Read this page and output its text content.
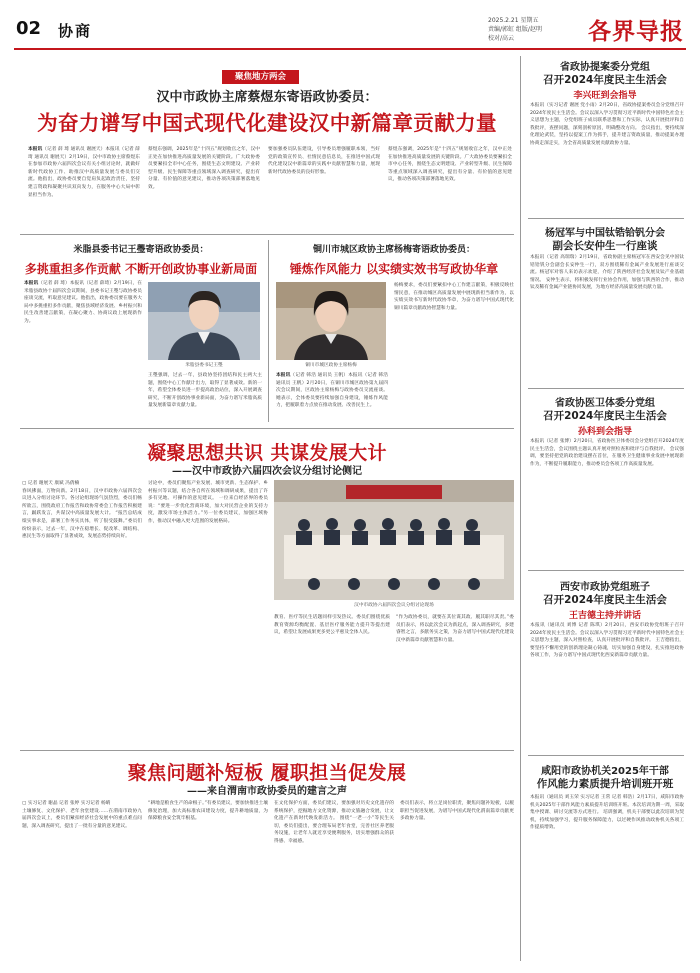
02 协商
2025.2.21 星期五
责编/郭虹 组版/赵明
校对/高云	各界导报
聚焦地方两会
汉中市政协主席蔡煜东寄语政协委员：
为奋力谱写中国式现代化建设汉中新篇章贡献力量
本报讯（记者 薛 琦 通讯员 谢展天）本报讯（记者 薛琦 通讯员 谢展天）2月19日，汉中市政协主席蔡煜东在参加市政协六届四次会议有关小组讨论时，就做好新时代政协工作、助推汉中高质量发展与委员们交流。他指出，政协委员要自觉肩负起政治责任，坚持建言资政和凝聚共识双向发力，在服务中心大局中彰显担当作为。
蔡煜东强调，2025年是“十四五”规划收官之年，汉中正处在加快推进高质量发展的关键阶段。广大政协委员要紧扣全市中心任务，围绕生态文明建设、产业转型升级、民生保障等重点领域深入调查研究，提出有分量、有价值的意见建议，推动各项决策部署落地见效。
要加强委员队伍建设，引导委员增强履职本领，当好党的政策宣传员、社情民意信息员，在推进中国式现代化建设汉中新篇章的实践中贡献智慧和力量，展现新时代政协委员的良好形象。
蔡煜东强调，2025年是“十四五”规划收官之年，汉中正处在加快推进高质量发展的关键阶段。广大政协委员要紧扣全市中心任务，围绕生态文明建设、产业转型升级、民生保障等重点领域深入调查研究，提出有分量、有价值的意见建议，推动各项决策部署落地见效。
米脂县委书记王璺寄语政协委员：
多挑重担多作贡献 不断开创政协事业新局面
本报讯（记者 薛 琦）本报讯（记者 薛琦）2月19日，在米脂县政协十届四次会议期间，县委书记王璺与政协委员座谈交流，听取意见建议。他指出，政协委员要在服务大局中多挑重担多作贡献，聚焦县域经济发展、乡村振兴和民生改善建言献策，在凝心聚力、协商议政上展现新作为。
米脂县委书记王璺
王璺强调，过去一年，县政协坚持团结和民主两大主题，围绕中心工作献计出力，取得了显著成效。新的一年，希望全体委员进一步提高政治站位，深入开展调查研究，不断开创政协事业新局面，为奋力谱写米脂高质量发展新篇章贡献力量。
铜川市城区政协主席杨梅寄语政协委员：
锤炼作风能力 以实绩实效书写政协华章
铜川市城区政协主席杨梅
本报讯（记者 韩浩 通讯员 王帆）本报讯（记者 韩浩 通讯员 王帆）2月20日，在铜川市城区政协第九届四次会议期间，区政协主席杨梅与政协委员交流座谈。她表示，全体委员要持续加强自身建设，锤炼作风能力，把履职着力点放在推动发展、改善民生上。
杨梅要求，委员们要紧扣中心工作建言献策，积极反映社情民意，在推动城区高质量发展中展现新担当新作为，以实绩实效书写新时代政协华章，为奋力谱写中国式现代化铜川篇章贡献政协智慧和力量。
凝聚思想共识 共谋发展大计
——汉中市政协六届四次会议分组讨论侧记
▢ 记者 谢展天 康斌 冯倩楠
春风拂面，万物向新。2月18日，汉中市政协六届四次会议进入分组讨论环节。各讨论组现场气氛热烈，委员们畅所欲言，围绕政府工作报告和政协常委会工作报告积极建言，踊跃发言，共谋汉中高质量发展大计。 “报告总结成绩实事求是，部署工作务实具体，听了很受鼓舞。”委员们纷纷表示，过去一年，汉中在稳增长、促改革、调结构、惠民生等方面取得了显著成效，发展态势持续向好。
讨论中，委员们聚焦产业发展、城市更新、生态保护、乡村振兴等议题，结合各自所在领域和调研成果，提出了许多有见地、可操作的意见建议。 一位来自经济界的委员说：“要进一步优化营商环境，加大对民营企业的支持力度，激发市场主体活力。”另一位委员建议，加强区域协作，推动汉中融入更大范围的发展格局。
汉中市政协六届四次会议分组讨论现场
教育、医疗等民生话题同样引发热议。委员们围绕优质教育资源均衡配置、基层医疗服务能力提升等提出建议，希望让发展成果更多更公平惠及全体人民。
“作为政协委员，就要在其位谋其政、履其职尽其责。”委员们表示，将以此次会议为新起点，深入调查研究，多建睿智之言，多献务实之策，为奋力谱写中国式现代化建设汉中新篇章贡献智慧和力量。
聚焦问题补短板 履职担当促发展
——来自渭南市政协委员的建言之声
▢ 实习记者 谢晶 记者 张婷 实习记者 杨晴
土壤修复、文化保护、老年食堂建设……在渭南市政协九届四次会议上，委员们紧扣经济社会发展中的重点难点问题，深入调查研究，提出了一批有分量的意见建议。
“耕地是粮食生产的命根子。”有委员建议，要加快推进土壤修复治理，加大高标准农田建设力度，提升耕地质量，为保障粮食安全筑牢根基。
在文化保护方面，委员们建议，要加强对历史文化遗存的系统保护，挖掘地方文化资源，推动文旅融合发展，让文化遗产在新时代焕发新活力。 围绕“一老一小”等民生关切，委员们提出，要合理布局老年食堂，完善社区养老服务设施，让老年人就近享受便利服务，切实增强群众的获得感、幸福感。
委员们表示，将立足岗位职责，聚焦问题补短板，以履职担当促进发展，为谱写中国式现代化渭南篇章贡献更多政协力量。
省政协提案委分党组
召开2024年度民主生活会
李兴旺到会指导
本报讯（实习记者 谢展 党小雨）2月20日，省政协提案委员会分党组召开2024年度民主生活会。会议以深入学习贯彻习近平新时代中国特色社会主义思想为主题，分党组班子成员联系思想和工作实际，认真开展批评和自我批评，查摆问题，深刻剖析原因，明确整改方向。 会议指出，要持续深化理论武装，坚持以提案工作为抓手，提升建言资政质量，推动提案办理协商走深走实，为全省高质量发展贡献政协力量。
杨冠军与中国钛锆铪钒分会
副会长安仲生一行座谈
本报讯（记者 高瑞瑞）2月19日，省政协副主席杨冠军在西安会见中国钛锆铪钒分会副会长安仲生一行，双方围绕稀有金属产业发展进行座谈交流。杨冠军对客人来访表示欢迎，介绍了陕西经济社会发展及钛产业基础情况。 安仲生表示，将积极发挥行业协会作用，加强与陕西的合作，推动钛及稀有金属产业链协同发展，为地方经济高质量发展贡献力量。
省政协医卫体委分党组
召开2024年度民主生活会
孙科到会指导
本报讯（记者 张博）2月20日，省政协医卫体委员会分党组召开2024年度民主生活会，会议围绕主题认真开展对照检查和批评与自我批评。 会议强调，要坚持把党的政治建设摆在首位，在服务卫生健康事业发展中展现新作为，不断提升履职能力，推动委员会各项工作高质量发展。
西安市政协党组班子
召开2024年度民主生活会
王吉德主持并讲话
本报讯（通讯员 刘博 记者 陈琪）2月20日，西安市政协党组班子召开2024年度民主生活会。会议以深入学习贯彻习近平新时代中国特色社会主义思想为主题，深入对照检查，认真开展批评和自我批评。 王吉德指出，要坚持不懈用党的创新理论凝心铸魂，切实加强自身建设，扎实推进政协各项工作，为奋力谱写中国式现代化西安新篇章贡献力量。
咸阳市政协机关2025年干部
作风能力素质提升培训班开班
本报讯（通讯员 刘玉荣 实习记者 王常 记者 韩浩）2月17日，咸阳市政协机关2025年干部作风能力素质提升培训班开班。本次培训为期一周，采取集中授课、研讨交流等方式进行。 培训强调，机关干部要以此次培训为契机，持续加强学习，提升服务保障能力，以过硬作风推动政协机关各项工作提质增效。
